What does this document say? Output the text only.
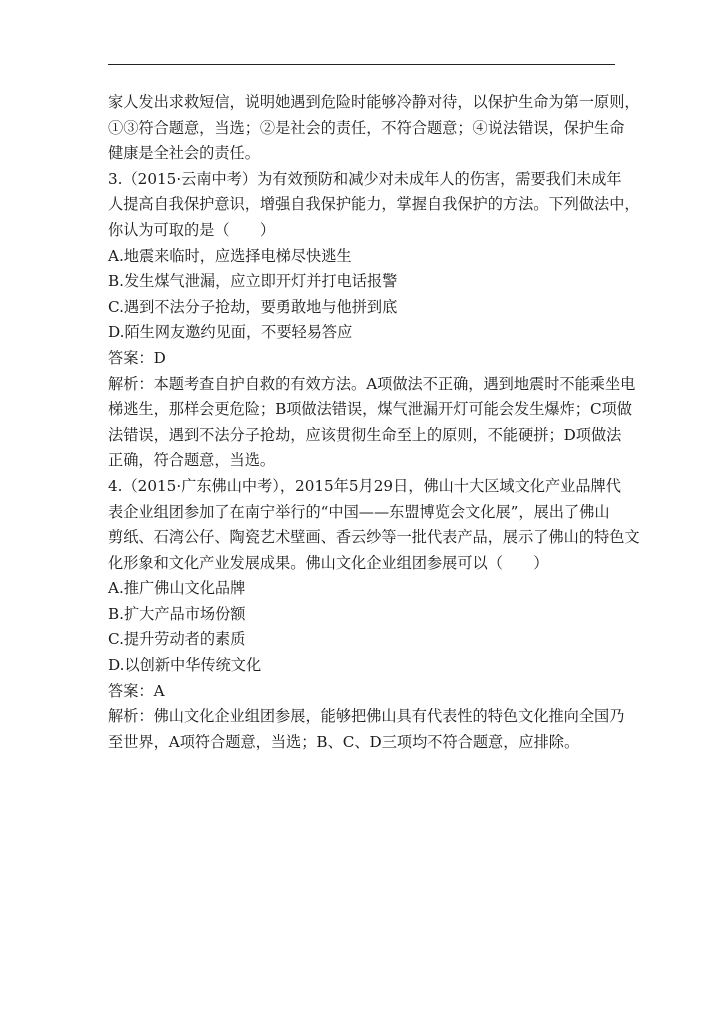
家人发出求救短信，说明她遇到危险时能够冷静对待，以保护生命为第一原则，
①③符合题意，当选；②是社会的责任，不符合题意；④说法错误，保护生命
健康是全社会的责任。
3.（2015·云南中考）为有效预防和减少对未成年人的伤害，需要我们未成年
人提高自我保护意识，增强自我保护能力，掌握自我保护的方法。下列做法中，
你认为可取的是（　　）
A.地震来临时，应选择电梯尽快逃生
B.发生煤气泄漏，应立即开灯并打电话报警
C.遇到不法分子抢劫，要勇敢地与他拼到底
D.陌生网友邀约见面，不要轻易答应
答案：D
解析：本题考查自护自救的有效方法。A项做法不正确，遇到地震时不能乘坐电
梯逃生，那样会更危险；B项做法错误，煤气泄漏开灯可能会发生爆炸；C项做
法错误，遇到不法分子抢劫，应该贯彻生命至上的原则，不能硬拼；D项做法
正确，符合题意，当选。
4.（2015·广东佛山中考），2015年5月29日，佛山十大区域文化产业品牌代
表企业组团参加了在南宁举行的“中国——东盟博览会文化展”，展出了佛山
剪纸、石湾公仔、陶瓷艺术壁画、香云纱等一批代表产品，展示了佛山的特色文
化形象和文化产业发展成果。佛山文化企业组团参展可以（　　）
A.推广佛山文化品牌
B.扩大产品市场份额
C.提升劳动者的素质
D.以创新中华传统文化
答案：A
解析：佛山文化企业组团参展，能够把佛山具有代表性的特色文化推向全国乃
至世界，A项符合题意，当选；B、C、D三项均不符合题意，应排除。
